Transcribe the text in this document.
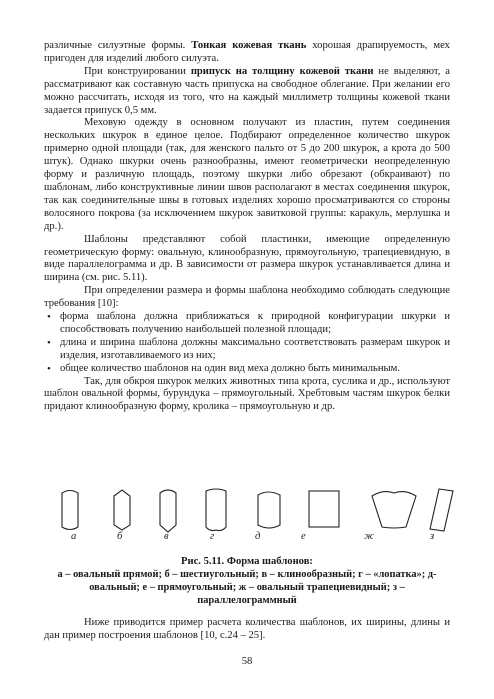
различные силуэтные формы. Тонкая кожевая ткань хорошая драпируемость, мех пригоден для изделий любого силуэта.

При конструировании припуск на толщину кожевой ткани не выделяют, а рассматривают как составную часть припуска на свободное облегание. При желании его можно рассчитать, исходя из того, что на каждый миллиметр толщины кожевой ткани задается припуск 0,5 мм.

Меховую одежду в основном получают из пластин, путем соединения нескольких шкурок в единое целое. Подбирают определенное количество шкурок примерно одной площади (так, для женского пальто от 5 до 200 шкурок, а крота до 500 штук). Однако шкурки очень разнообразны, имеют геометрически неопределенную форму и различную площадь, поэтому шкурки либо обрезают (обкраивают) по шаблонам, либо конструктивные линии швов располагают в местах соединения шкурок, так как соединительные швы в готовых изделиях хорошо просматриваются со стороны волосяного покрова (за исключением шкурок завитковой группы: каракуль, мерлушка и др.).

Шаблоны представляют собой пластинки, имеющие определенную геометрическую форму: овальную, клинообразную, прямоугольную, трапециевидную, в виде параллелограмма и др. В зависимости от размера шкурок устанавливается длина и ширина (см. рис. 5.11).

При определении размера и формы шаблона необходимо соблюдать следующие требования [10]:

• форма шаблона должна приближаться к природной конфигурации шкурки и способствовать получению наибольшей полезной площади;
• длина и ширина шаблона должны максимально соответствовать размерам шкурок и изделия, изготавливаемого из них;
• общее количество шаблонов на один вид меха должно быть минимальным.

Так, для обкроя шкурок мелких животных типа крота, суслика и др., используют шаблон овальной формы, бурундука – прямоугольный. Хребтовым частям шкурок белки придают клинообразную форму, кролика – прямоугольную и др.

а	б	в	г	д	е	ж	з
Рис. 5.11. Форма шаблонов:
а – овальный прямой; б – шестиугольный; в – клинообразный; г – «лопатка»; д- овальный; е – прямоугольный; ж – овальный трапециевидный; з – параллелограммный

Ниже приводится пример расчета количества шаблонов, их ширины, длины и дан пример построения шаблонов [10, с.24 – 25].

58
